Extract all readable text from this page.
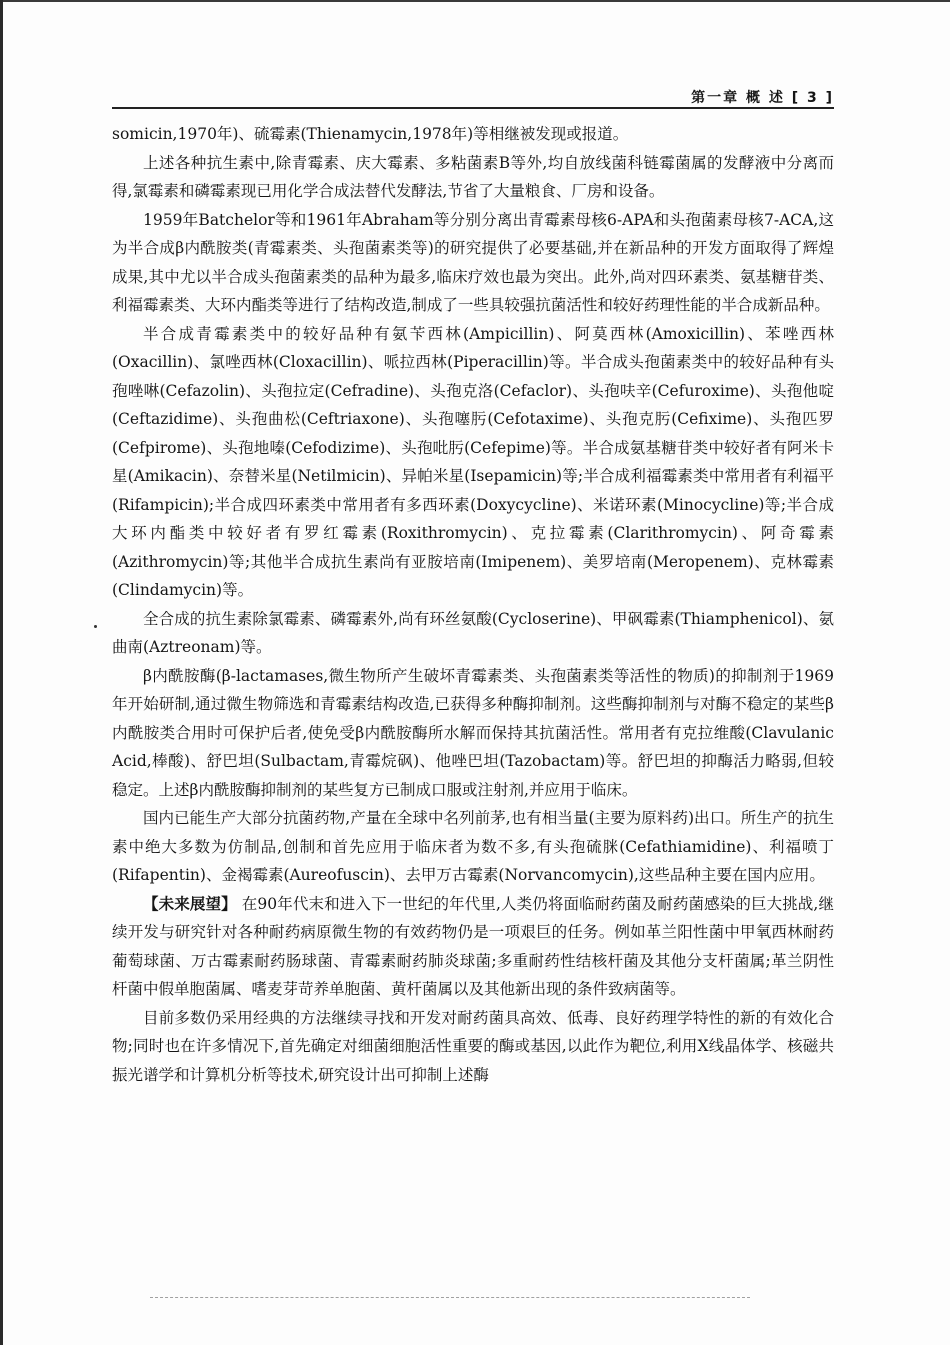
第一章 概 述 [ 3 ]

somicin,1970年)、硫霉素(Thienamycin,1978年)等相继被发现或报道。

上述各种抗生素中,除青霉素、庆大霉素、多粘菌素B等外,均自放线菌科链霉菌属的发酵液中分离而得,氯霉素和磷霉素现已用化学合成法替代发酵法,节省了大量粮食、厂房和设备。

1959年Batchelor等和1961年Abraham等分别分离出青霉素母核6-APA和头孢菌素母核7-ACA,这为半合成β内酰胺类(青霉素类、头孢菌素类等)的研究提供了必要基础,并在新品种的开发方面取得了辉煌成果,其中尤以半合成头孢菌素类的品种为最多,临床疗效也最为突出。此外,尚对四环素类、氨基糖苷类、利福霉素类、大环内酯类等进行了结构改造,制成了一些具较强抗菌活性和较好药理性能的半合成新品种。

半合成青霉素类中的较好品种有氨苄西林(Ampicillin)、阿莫西林(Amoxicillin)、苯唑西林(Oxacillin)、氯唑西林(Cloxacillin)、哌拉西林(Piperacillin)等。半合成头孢菌素类中的较好品种有头孢唑啉(Cefazolin)、头孢拉定(Cefradine)、头孢克洛(Cefaclor)、头孢呋辛(Cefuroxime)、头孢他啶(Ceftazidime)、头孢曲松(Ceftriaxone)、头孢噻肟(Cefotaxime)、头孢克肟(Cefixime)、头孢匹罗(Cefpirome)、头孢地嗪(Cefodizime)、头孢吡肟(Cefepime)等。半合成氨基糖苷类中较好者有阿米卡星(Amikacin)、奈替米星(Netilmicin)、异帕米星(Isepamicin)等;半合成利福霉素类中常用者有利福平(Rifampicin);半合成四环素类中常用者有多西环素(Doxycycline)、米诺环素(Minocycline)等;半合成大环内酯类中较好者有罗红霉素(Roxithromycin)、克拉霉素(Clarithromycin)、阿奇霉素(Azithromycin)等;其他半合成抗生素尚有亚胺培南(Imipenem)、美罗培南(Meropenem)、克林霉素(Clindamycin)等。

全合成的抗生素除氯霉素、磷霉素外,尚有环丝氨酸(Cycloserine)、甲砜霉素(Thiamphenicol)、氨曲南(Aztreonam)等。

β内酰胺酶(β-lactamases,微生物所产生破坏青霉素类、头孢菌素类等活性的物质)的抑制剂于1969年开始研制,通过微生物筛选和青霉素结构改造,已获得多种酶抑制剂。这些酶抑制剂与对酶不稳定的某些β内酰胺类合用时可保护后者,使免受β内酰胺酶所水解而保持其抗菌活性。常用者有克拉维酸(Clavulanic Acid,棒酸)、舒巴坦(Sulbactam,青霉烷砜)、他唑巴坦(Tazobactam)等。舒巴坦的抑酶活力略弱,但较稳定。上述β内酰胺酶抑制剂的某些复方已制成口服或注射剂,并应用于临床。

国内已能生产大部分抗菌药物,产量在全球中名列前茅,也有相当量(主要为原料药)出口。所生产的抗生素中绝大多数为仿制品,创制和首先应用于临床者为数不多,有头孢硫脒(Cefathiamidine)、利福喷丁(Rifapentin)、金褐霉素(Aureofuscin)、去甲万古霉素(Norvancomycin),这些品种主要在国内应用。

【未来展望】 在90年代末和进入下一世纪的年代里,人类仍将面临耐药菌及耐药菌感染的巨大挑战,继续开发与研究针对各种耐药病原微生物的有效药物仍是一项艰巨的任务。例如革兰阳性菌中甲氧西林耐药葡萄球菌、万古霉素耐药肠球菌、青霉素耐药肺炎球菌;多重耐药性结核杆菌及其他分支杆菌属;革兰阴性杆菌中假单胞菌属、嗜麦芽苛养单胞菌、黄杆菌属以及其他新出现的条件致病菌等。

目前多数仍采用经典的方法继续寻找和开发对耐药菌具高效、低毒、良好药理学特性的新的有效化合物;同时也在许多情况下,首先确定对细菌细胞活性重要的酶或基因,以此作为靶位,利用X线晶体学、核磁共振光谱学和计算机分析等技术,研究设计出可抑制上述酶
